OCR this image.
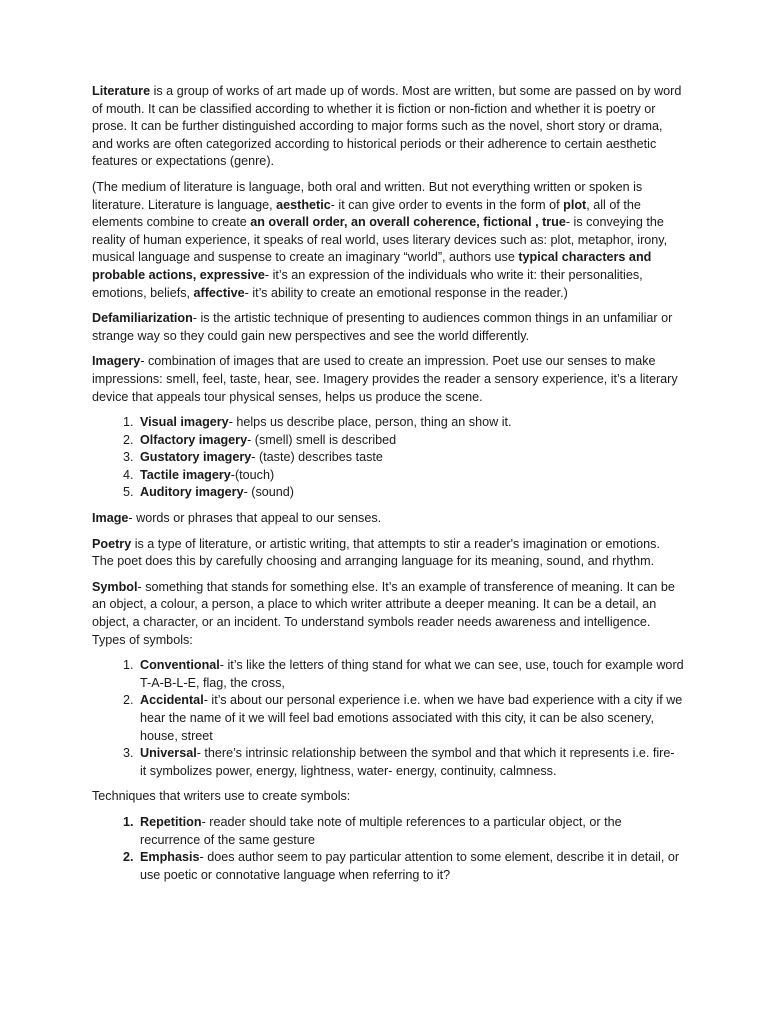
Literature is a group of works of art made up of words. Most are written, but some are passed on by word of mouth. It can be classified according to whether it is fiction or non-fiction and whether it is poetry or prose. It can be further distinguished according to major forms such as the novel, short story or drama, and works are often categorized according to historical periods or their adherence to certain aesthetic features or expectations (genre).

(The medium of literature is language, both oral and written. But not everything written or spoken is literature. Literature is language, aesthetic- it can give order to events in the form of plot, all of the elements combine to create an overall order, an overall coherence, fictional , true- is conveying the reality of human experience, it speaks of real world, uses literary devices such as: plot, metaphor, irony, musical language and suspense to create an imaginary “world”, authors use typical characters and probable actions, expressive- it’s an expression of the individuals who write it: their personalities, emotions, beliefs, affective- it’s ability to create an emotional response in the reader.)

Defamiliarization- is the artistic technique of presenting to audiences common things in an unfamiliar or strange way so they could gain new perspectives and see the world differently.

Imagery- combination of images that are used to create an impression. Poet use our senses to make impressions: smell, feel, taste, hear, see. Imagery provides the reader a sensory experience, it’s a literary device that appeals tour physical senses, helps us produce the scene.

1. Visual imagery- helps us describe place, person, thing an show it.
2. Olfactory imagery- (smell) smell is described
3. Gustatory imagery- (taste) describes taste
4. Tactile imagery-(touch)
5. Auditory imagery- (sound)

Image- words or phrases that appeal to our senses.

Poetry is a type of literature, or artistic writing, that attempts to stir a reader's imagination or emotions. The poet does this by carefully choosing and arranging language for its meaning, sound, and rhythm.

Symbol- something that stands for something else. It’s an example of transference of meaning. It can be an object, a colour, a person, a place to which writer attribute a deeper meaning. It can be a detail, an object, a character, or an incident. To understand symbols reader needs awareness and intelligence. Types of symbols:

1. Conventional- it’s like the letters of thing stand for what we can see, use, touch for example word T-A-B-L-E, flag, the cross,
2. Accidental- it’s about our personal experience i.e. when we have bad experience with a city if we hear the name of it we will feel bad emotions associated with this city, it can be also scenery, house, street
3. Universal- there’s intrinsic relationship between the symbol and that which it represents i.e. fire- it symbolizes power, energy, lightness, water- energy, continuity, calmness.

Techniques that writers use to create symbols:

1. Repetition- reader should take note of multiple references to a particular object, or the recurrence of the same gesture
2. Emphasis- does author seem to pay particular attention to some element, describe it in detail, or use poetic or connotative language when referring to it?
